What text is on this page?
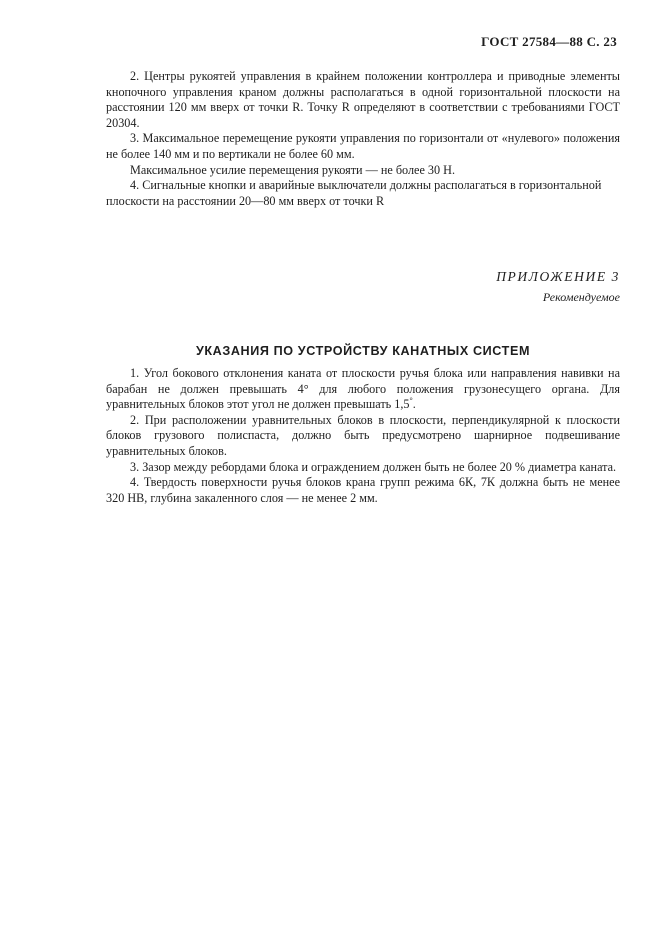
ГОСТ 27584—88 С. 23

2. Центры рукоятей управления в крайнем положении контроллера и приводные элементы кнопочного управления краном должны располагаться в одной горизонтальной плоскости на расстоянии 120 мм вверх от точки R. Точку R определяют в соответствии с требованиями ГОСТ 20304.

3. Максимальное перемещение рукояти управления по горизонтали от «нулевого» положения не более 140 мм и по вертикали не более 60 мм.

Максимальное усилие перемещения рукояти — не более 30 Н.

4. Сигнальные кнопки и аварийные выключатели должны располагаться в горизонтальной плоскости на расстоянии 20—80 мм вверх от точки R

ПРИЛОЖЕНИЕ 3
Рекомендуемое
УКАЗАНИЯ ПО УСТРОЙСТВУ КАНАТНЫХ СИСТЕМ

1. Угол бокового отклонения каната от плоскости ручья блока или направления навивки на барабан не должен превышать 4° для любого положения грузонесущего органа. Для уравнительных блоков этот угол не должен превышать 1,5°.

2. При расположении уравнительных блоков в плоскости, перпендикулярной к плоскости блоков грузового полиспаста, должно быть предусмотрено шарнирное подвешивание уравнительных блоков.

3. Зазор между ребордами блока и ограждением должен быть не более 20 % диаметра каната.

4. Твердость поверхности ручья блоков крана групп режима 6К, 7К должна быть не менее 320 НВ, глубина закаленного слоя — не менее 2 мм.
